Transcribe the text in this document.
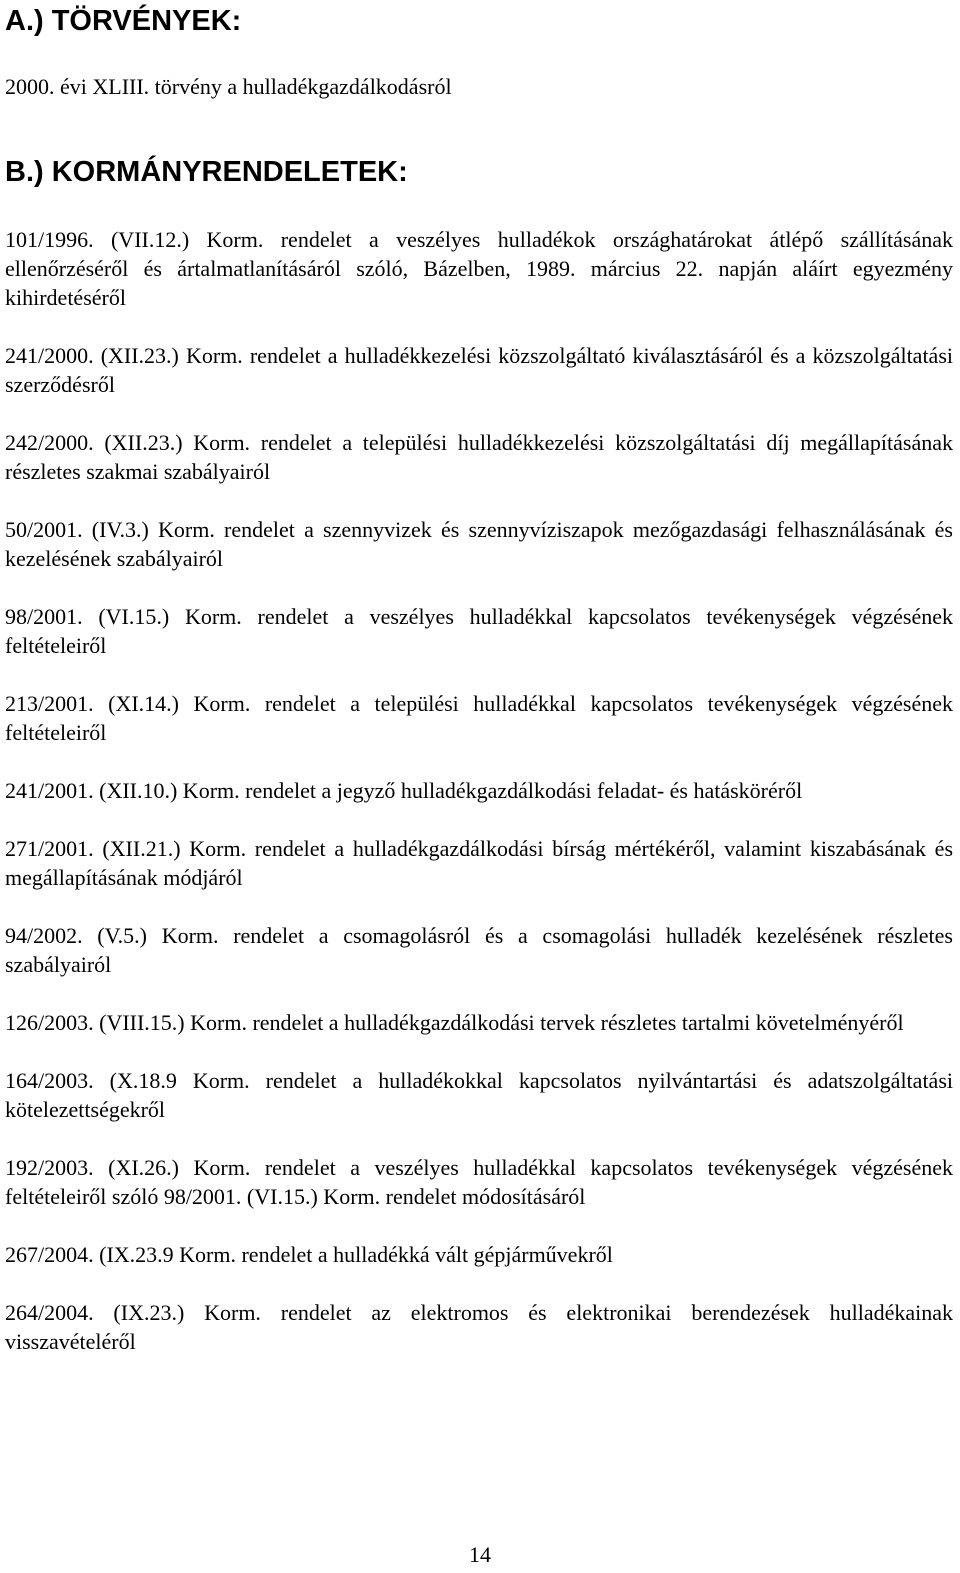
A.) TÖRVÉNYEK:

2000. évi XLIII. törvény a hulladékgazdálkodásról

B.) KORMÁNYRENDELETEK:
101/1996. (VII.12.) Korm. rendelet a veszélyes hulladékok országhatárokat átlépő szállításának ellenőrzéséről és ártalmatlanításáról szóló, Bázelben, 1989. március 22. napján aláírt egyezmény kihirdetéséről
241/2000. (XII.23.) Korm. rendelet a hulladékkezelési közszolgáltató kiválasztásáról és a közszolgáltatási szerződésről
242/2000. (XII.23.) Korm. rendelet a települési hulladékkezelési közszolgáltatási díj megállapításának részletes szakmai szabályairól
50/2001. (IV.3.) Korm. rendelet a szennyvizek és szennyvíziszapok mezőgazdasági felhasználásának és kezelésének szabályairól
98/2001. (VI.15.) Korm. rendelet a veszélyes hulladékkal kapcsolatos tevékenységek végzésének feltételeiről
213/2001. (XI.14.) Korm. rendelet a települési hulladékkal kapcsolatos tevékenységek végzésének feltételeiről
241/2001. (XII.10.) Korm. rendelet a jegyző hulladékgazdálkodási feladat- és hatásköréről
271/2001. (XII.21.) Korm. rendelet a hulladékgazdálkodási bírság mértékéről, valamint kiszabásának és megállapításának módjáról
94/2002. (V.5.) Korm. rendelet a csomagolásról és a csomagolási hulladék kezelésének részletes szabályairól
126/2003. (VIII.15.) Korm. rendelet a hulladékgazdálkodási tervek részletes tartalmi követelményéről
164/2003. (X.18.9 Korm. rendelet a hulladékokkal kapcsolatos nyilvántartási és adatszolgáltatási kötelezettségekről
192/2003. (XI.26.) Korm. rendelet a veszélyes hulladékkal kapcsolatos tevékenységek végzésének feltételeiről szóló 98/2001. (VI.15.) Korm. rendelet módosításáról
267/2004. (IX.23.9 Korm. rendelet a hulladékká vált gépjárművekről
264/2004. (IX.23.) Korm. rendelet az elektromos és elektronikai berendezések hulladékainak visszavételéről
14
